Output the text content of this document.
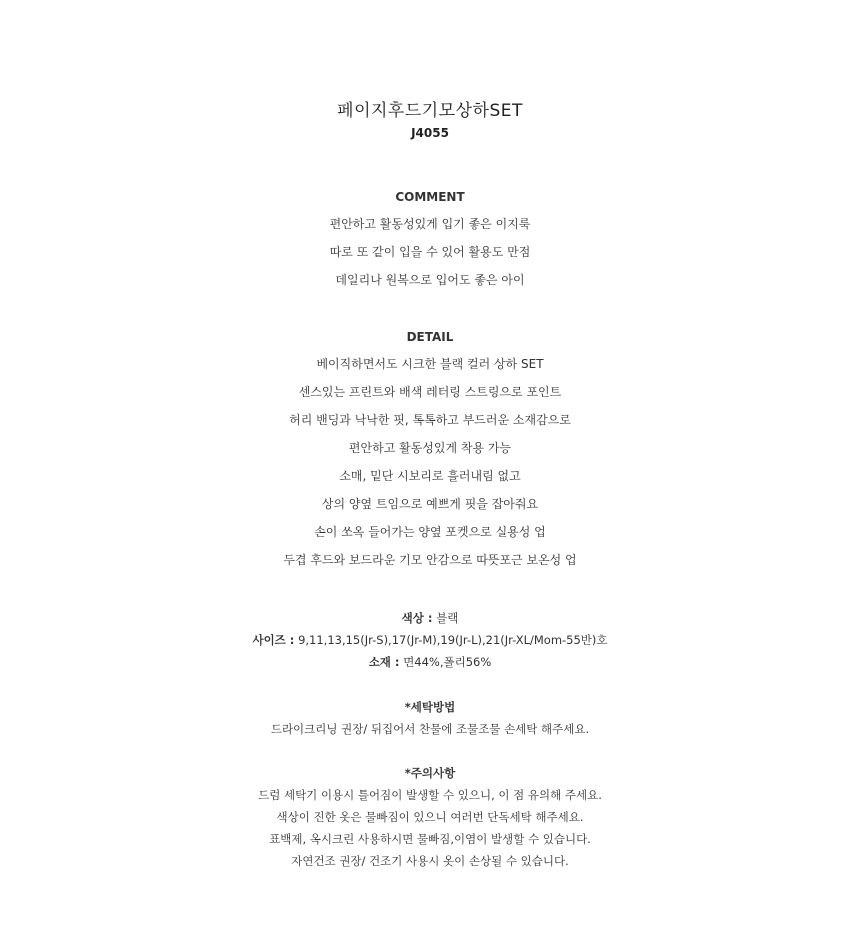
페이지후드기모상하SET
J4055
COMMENT
편안하고 활동성있게 입기 좋은 이지룩
따로 또 같이 입을 수 있어 활용도 만점
데일리나 원복으로 입어도 좋은 아이
DETAIL
베이직하면서도 시크한 블랙 컬러 상하 SET
센스있는 프린트와 배색 레터링 스트링으로 포인트
허리 밴딩과 낙낙한 핏, 톡톡하고 부드러운 소재감으로
편안하고 활동성있게 착용 가능
소매, 밑단 시보리로 흘러내림 없고
상의 양옆 트임으로 예쁘게 핏을 잡아줘요
손이 쏘옥 들어가는 양옆 포켓으로 실용성 업
두겹 후드와 보드라운 기모 안감으로 따뜻포근 보온성 업
색상 : 블랙
사이즈 : 9,11,13,15(Jr-S),17(Jr-M),19(Jr-L),21(Jr-XL/Mom-55반)호
소재 : 면44%,폴리56%
*세탁방법
드라이크리닝 권장/ 뒤집어서 찬물에 조물조물 손세탁 해주세요.
*주의사항
드럼 세탁기 이용시 틀어짐이 발생할 수 있으니, 이 점 유의해 주세요.
색상이 진한 옷은 물빠짐이 있으니 여러번 단독세탁 해주세요.
표백제, 옥시크린 사용하시면 물빠짐,이염이 발생할 수 있습니다.
자연건조 권장/ 건조기 사용시 옷이 손상될 수 있습니다.
